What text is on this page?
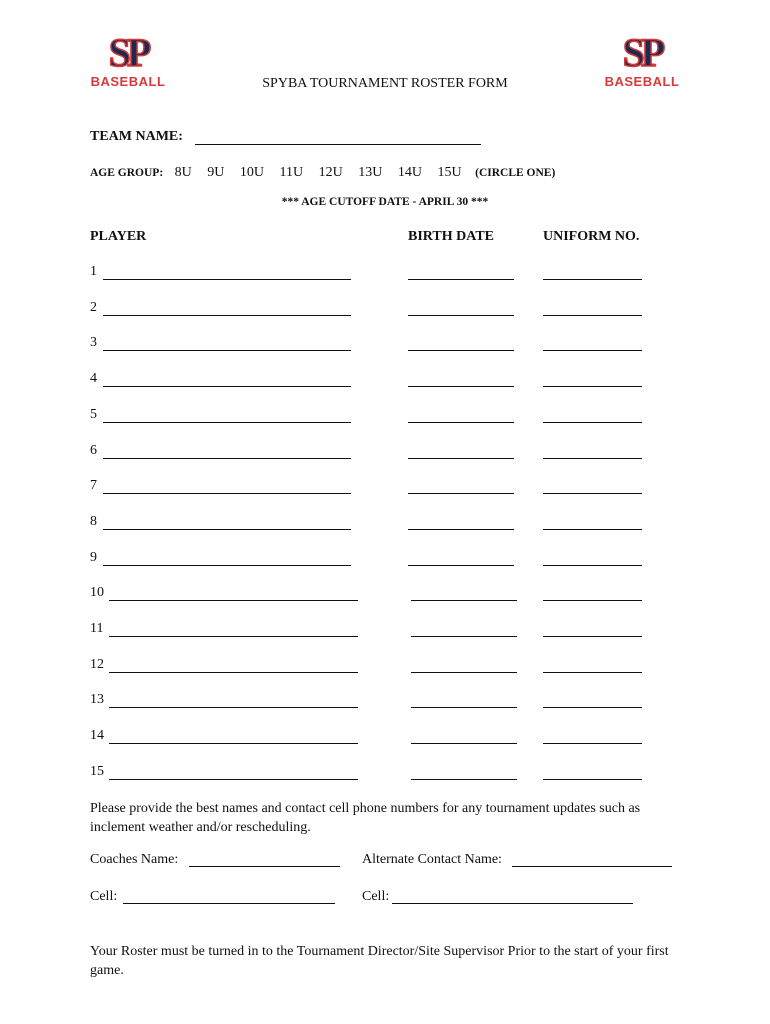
SP
BASEBALL
SP
BASEBALL
SPYBA TOURNAMENT ROSTER FORM
TEAM NAME:
AGE GROUP: 8U 9U 10U 11U 12U 13U 14U 15U (CIRCLE ONE)
*** AGE CUTOFF DATE - APRIL 30 ***
PLAYER	BIRTH DATE	UNIFORM NO.
1
2
3
4
5
6
7
8
9
10
11
12
13
14
15
Please provide the best names and contact cell phone numbers for any tournament updates such as inclement weather and/or rescheduling.
Coaches Name:	Alternate Contact Name:
Cell:	Cell:
Your Roster must be turned in to the Tournament Director/Site Supervisor Prior to the start of your first game.
